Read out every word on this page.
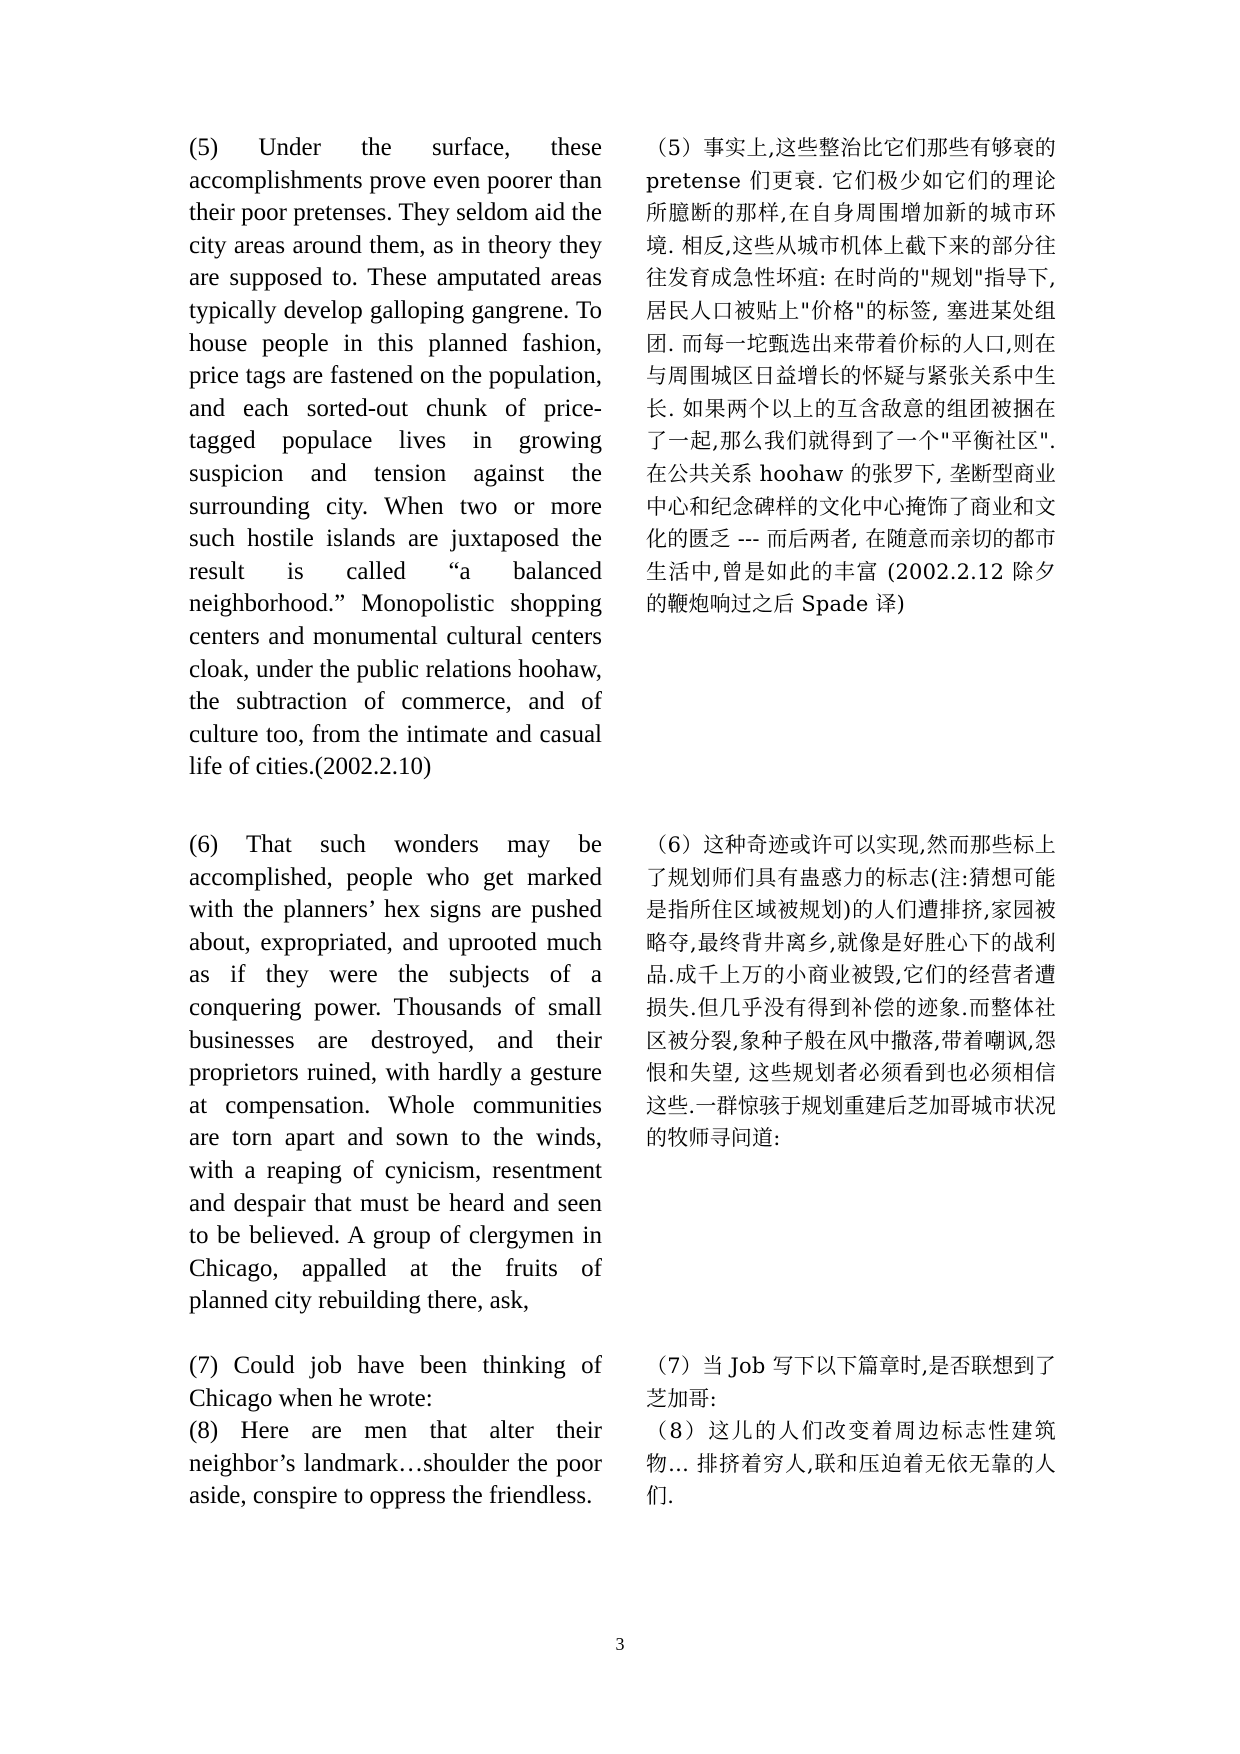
(5) Under the surface, these accomplishments prove even poorer than their poor pretenses. They seldom aid the city areas around them, as in theory they are supposed to. These amputated areas typically develop galloping gangrene. To house people in this planned fashion, price tags are fastened on the population, and each sorted-out chunk of price-tagged populace lives in growing suspicion and tension against the surrounding city. When two or more such hostile islands are juxtaposed the result is called “a balanced neighborhood.” Monopolistic shopping centers and monumental cultural centers cloak, under the public relations hoohaw, the subtraction of commerce, and of culture too, from the intimate and casual life of cities.(2002.2.10)

（5）事实上,这些整治比它们那些有够衰的 pretense 们更衰. 它们极少如它们的理论所臆断的那样,在自身周围增加新的城市环境. 相反,这些从城市机体上截下来的部分往往发育成急性坏疽: 在时尚的"规划"指导下,居民人口被贴上"价格"的标签, 塞进某处组团. 而每一坨甄选出来带着价标的人口,则在与周围城区日益增长的怀疑与紧张关系中生长. 如果两个以上的互含敌意的组团被捆在了一起,那么我们就得到了一个"平衡社区". 在公共关系 hoohaw 的张罗下, 垄断型商业中心和纪念碑样的文化中心掩饰了商业和文化的匮乏 --- 而后两者, 在随意而亲切的都市生活中,曾是如此的丰富 (2002.2.12 除夕的鞭炮响过之后 Spade 译)

(6) That such wonders may be accomplished, people who get marked with the planners’ hex signs are pushed about, expropriated, and uprooted much as if they were the subjects of a conquering power. Thousands of small businesses are destroyed, and their proprietors ruined, with hardly a gesture at compensation. Whole communities are torn apart and sown to the winds, with a reaping of cynicism, resentment and despair that must be heard and seen to be believed. A group of clergymen in Chicago, appalled at the fruits of planned city rebuilding there, ask,

（6）这种奇迹或许可以实现,然而那些标上了规划师们具有蛊惑力的标志(注:猜想可能是指所住区域被规划)的人们遭排挤,家园被略夺,最终背井离乡,就像是好胜心下的战利品.成千上万的小商业被毁,它们的经营者遭损失.但几乎没有得到补偿的迹象.而整体社区被分裂,象种子般在风中撒落,带着嘲讽,怨恨和失望, 这些规划者必须看到也必须相信这些.一群惊骇于规划重建后芝加哥城市状况的牧师寻问道:

(7) Could job have been thinking of Chicago when he wrote:

（7）当 Job 写下以下篇章时,是否联想到了芝加哥:

(8) Here are men that alter their neighbor’s landmark…shoulder the poor aside, conspire to oppress the friendless.

（8）这儿的人们改变着周边标志性建筑物… 排挤着穷人,联和压迫着无依无靠的人们.

3
